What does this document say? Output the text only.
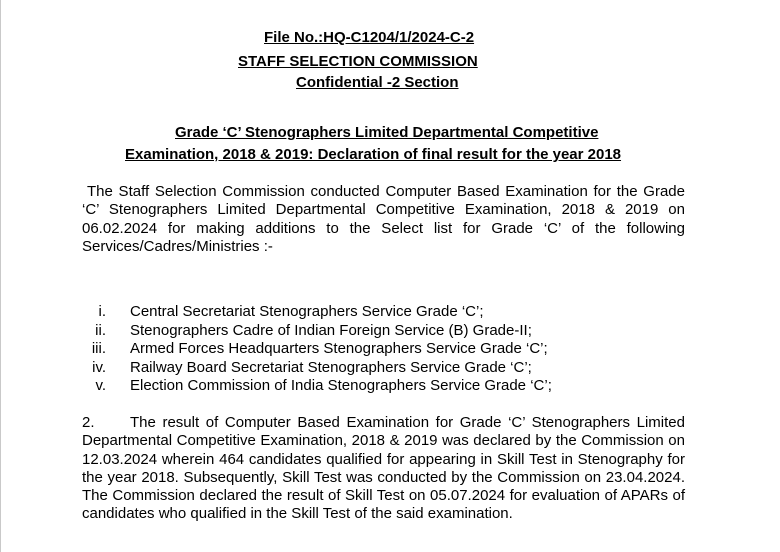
File No.:HQ-C1204/1/2024-C-2
STAFF SELECTION COMMISSION
Confidential -2 Section
Grade ‘C’ Stenographers Limited Departmental Competitive
Examination, 2018 & 2019: Declaration of final result for the year 2018

The Staff Selection Commission conducted Computer Based Examination for the Grade ‘C’ Stenographers Limited Departmental Competitive Examination, 2018 & 2019 on 06.02.2024 for making additions to the Select list for Grade ‘C’ of the following Services/Cadres/Ministries :-

i. Central Secretariat Stenographers Service Grade ‘C’;
ii. Stenographers Cadre of Indian Foreign Service (B) Grade-II;
iii. Armed Forces Headquarters Stenographers Service Grade ‘C’;
iv. Railway Board Secretariat Stenographers Service Grade ‘C’;
v. Election Commission of India Stenographers Service Grade ‘C’;

2. The result of Computer Based Examination for Grade ‘C’ Stenographers Limited Departmental Competitive Examination, 2018 & 2019 was declared by the Commission on 12.03.2024 wherein 464 candidates qualified for appearing in Skill Test in Stenography for the year 2018. Subsequently, Skill Test was conducted by the Commission on 23.04.2024. The Commission declared the result of Skill Test on 05.07.2024 for evaluation of APARs of candidates who qualified in the Skill Test of the said examination.
